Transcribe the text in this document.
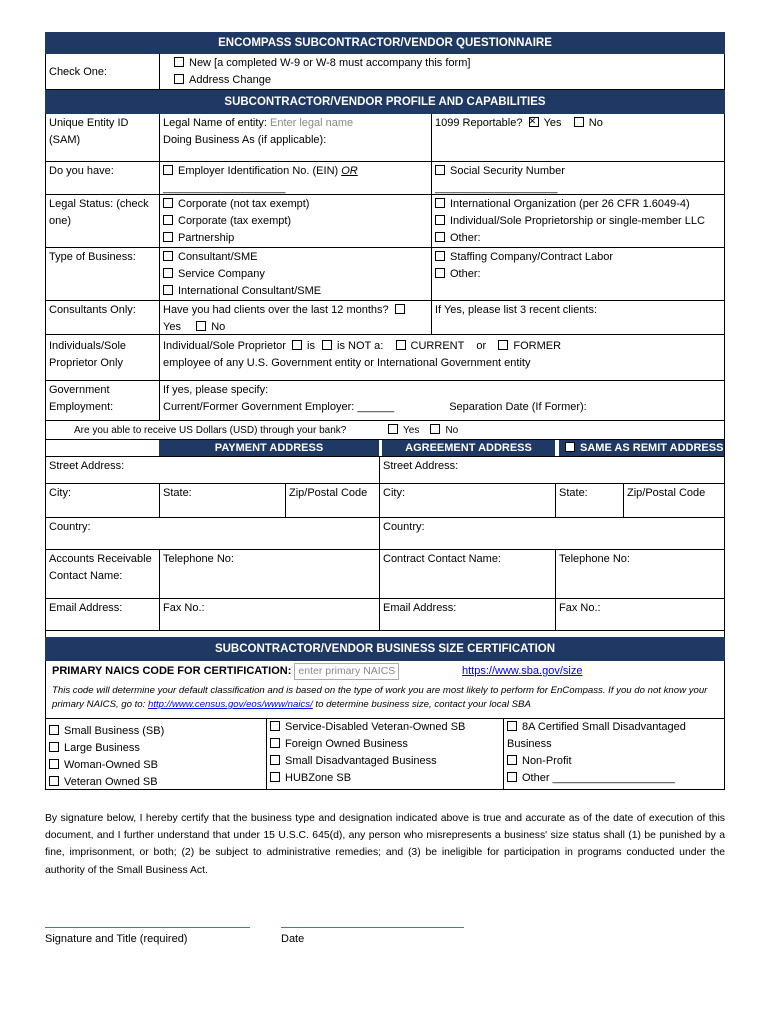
ENCOMPASS SUBCONTRACTOR/VENDOR QUESTIONNAIRE
Check One:
New [a completed W-9 or W-8 must accompany this form]
Address Change
SUBCONTRACTOR/VENDOR PROFILE AND CAPABILITIES
Unique Entity ID (SAM)
Legal Name of entity: Enter legal name
Doing Business As (if applicable):
1099 Reportable?  ✕ Yes No
Do you have:	Employer Identification No. (EIN) OR
____________________
Social Security Number
____________________
Legal Status: (check one)
Corporate (not tax exempt)
Corporate (tax exempt)
Partnership
International Organization (per 26 CFR 1.6049-4)
Individual/Sole Proprietorship or single-member LLC
Other:
Type of Business:	Consultant/SME
Service Company
International Consultant/SME
Staffing Company/Contract Labor
Other:
Consultants Only:	Have you had clients over the last 12 months?
Yes	No
If Yes, please list 3 recent clients:
Individuals/Sole Proprietor Only
Individual/Sole Proprietor is is NOT a: CURRENT or FORMER
employee of any U.S. Government entity or International Government entity
Government Employment:
If yes, please specify:
Current/Former Government Employer: ______	Separation Date (If Former):
Are you able to receive US Dollars (USD) through your bank?	Yes	No
PAYMENT ADDRESS	AGREEMENT ADDRESS	SAME AS REMIT ADDRESS
Street Address:	Street Address:
City:	State:	Zip/Postal Code	City:	State:	Zip/Postal Code
Country:	Country:
Accounts Receivable Contact Name:
Telephone No:	Contract Contact Name:	Telephone No:
Email Address:	Fax No.:	Email Address:	Fax No.:
SUBCONTRACTOR/VENDOR BUSINESS SIZE CERTIFICATION
PRIMARY NAICS CODE FOR CERTIFICATION: enter primary NAICS	https://www.sba.gov/size
This code will determine your default classification and is based on the type of work you are most likely to perform for EnCompass. If you do not know your primary NAICS, go to: http://www.census.gov/eos/www/naics/ to determine business size, contact your local SBA
Small Business (SB)
Large Business
Woman-Owned SB
Veteran Owned SB
Service-Disabled Veteran-Owned SB
Foreign Owned Business
Small Disadvantaged Business
HUBZone SB
8A Certified Small Disadvantaged Business
Non-Profit
Other ____________________
By signature below, I hereby certify that the business type and designation indicated above is true and accurate as of the date of execution of this document, and I further understand that under 15 U.S.C. 645(d), any person who misrepresents a business' size status shall (1) be punished by a fine, imprisonment, or both; (2) be subject to administrative remedies; and (3) be ineligible for participation in programs conducted under the authority of the Small Business Act.
Signature and Title (required)	Date
